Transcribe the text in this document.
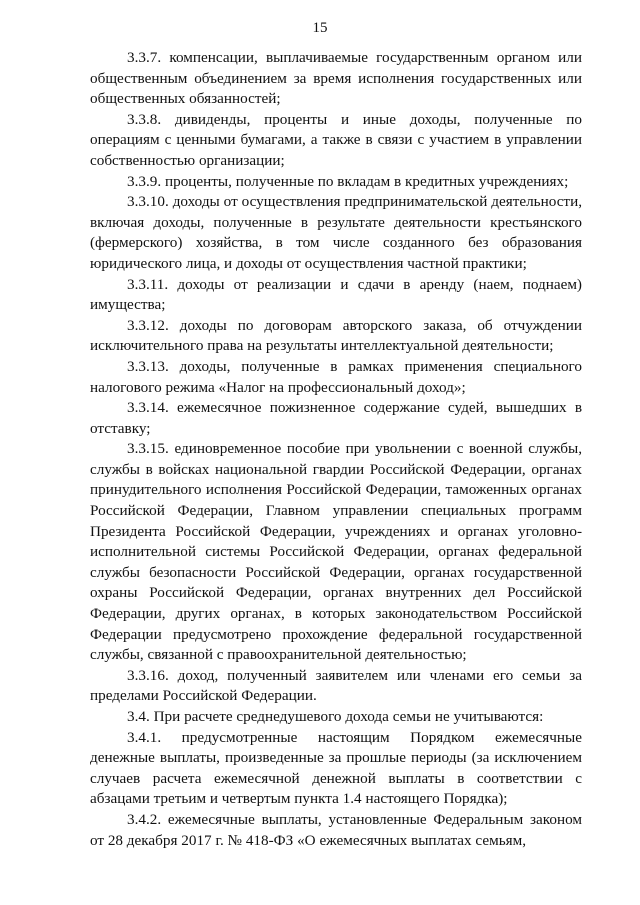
15

3.3.7. компенсации, выплачиваемые государственным органом или общественным объединением за время исполнения государственных или общественных обязанностей;

3.3.8. дивиденды, проценты и иные доходы, полученные по операциям с ценными бумагами, а также в связи с участием в управлении собственностью организации;

3.3.9. проценты, полученные по вкладам в кредитных учреждениях;

3.3.10. доходы от осуществления предпринимательской деятельности, включая доходы, полученные в результате деятельности крестьянского (фермерского) хозяйства, в том числе созданного без образования юридического лица, и доходы от осуществления частной практики;

3.3.11. доходы от реализации и сдачи в аренду (наем, поднаем) имущества;

3.3.12. доходы по договорам авторского заказа, об отчуждении исключительного права на результаты интеллектуальной деятельности;

3.3.13. доходы, полученные в рамках применения специального налогового режима «Налог на профессиональный доход»;

3.3.14. ежемесячное пожизненное содержание судей, вышедших в отставку;

3.3.15. единовременное пособие при увольнении с военной службы, службы в войсках национальной гвардии Российской Федерации, органах принудительного исполнения Российской Федерации, таможенных органах Российской Федерации, Главном управлении специальных программ Президента Российской Федерации, учреждениях и органах уголовно-исполнительной системы Российской Федерации, органах федеральной службы безопасности Российской Федерации, органах государственной охраны Российской Федерации, органах внутренних дел Российской Федерации, других органах, в которых законодательством Российской Федерации предусмотрено прохождение федеральной государственной службы, связанной с правоохранительной деятельностью;

3.3.16. доход, полученный заявителем или членами его семьи за пределами Российской Федерации.

3.4. При расчете среднедушевого дохода семьи не учитываются:

3.4.1. предусмотренные настоящим Порядком ежемесячные денежные выплаты, произведенные за прошлые периоды (за исключением случаев расчета ежемесячной денежной выплаты в соответствии с абзацами третьим и четвертым пункта 1.4 настоящего Порядка);

3.4.2. ежемесячные выплаты, установленные Федеральным законом от 28 декабря 2017 г. № 418-ФЗ «О ежемесячных выплатах семьям,
